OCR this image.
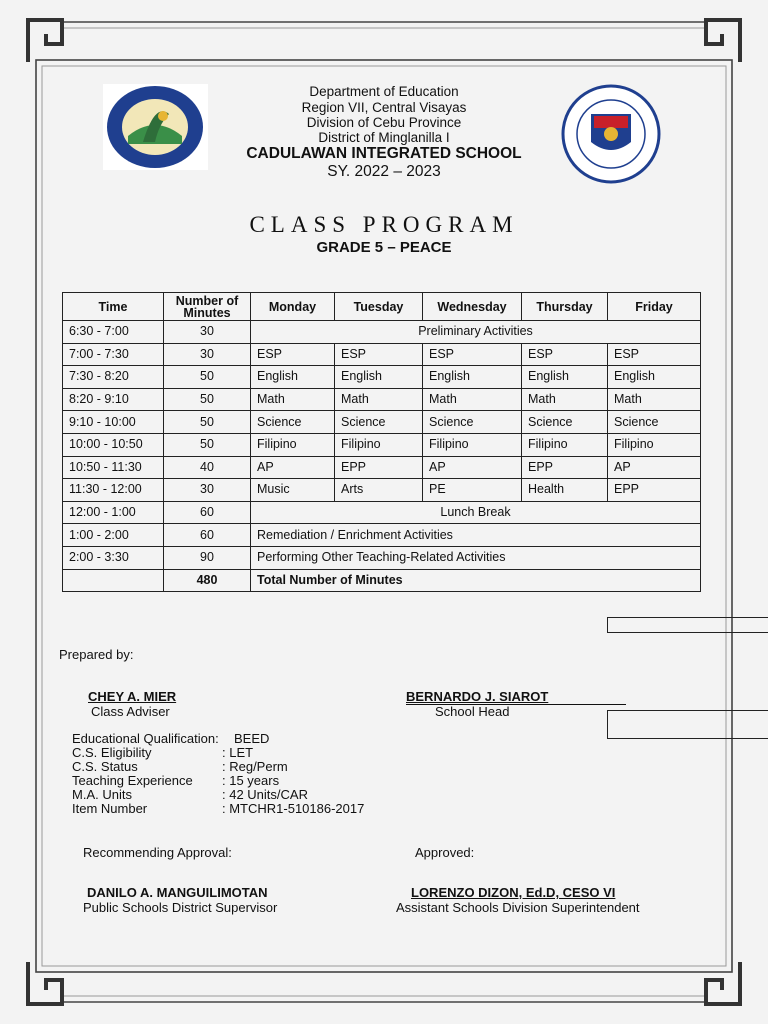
Department of Education
Region VII, Central Visayas
Division of Cebu Province
District of Minglanilla I
CADULAWAN INTEGRATED SCHOOL
SY. 2022 – 2023
CLASS PROGRAM
GRADE 5 – PEACE
Time	Number of Minutes	Monday	Tuesday	Wednesday	Thursday	Friday
6:30 - 7:00	30	Preliminary Activities				
7:00 - 7:30	30	ESP	ESP	ESP	ESP	ESP
7:30 - 8:20	50	English	English	English	English	English
8:20 - 9:10	50	Math	Math	Math	Math	Math
9:10 - 10:00	50	Science	Science	Science	Science	Science
10:00 - 10:50	50	Filipino	Filipino	Filipino	Filipino	Filipino
10:50 - 11:30	40	AP	EPP	AP	EPP	AP
11:30 - 12:00	30	Music	Arts	PE	Health	EPP
12:00 - 1:00	60	Lunch Break				
1:00 - 2:00	60	Remediation / Enrichment Activities				
2:00 - 3:30	90	Performing Other Teaching-Related Activities				
	480	Total Number of Minutes				
Prepared by:
CHEY A. MIER
Class Adviser
BERNARDO J. SIAROT
School Head
Educational Qualification: BEED
C.S. Eligibility	: LET
C.S. Status	: Reg/Perm
Teaching Experience : 15 years
M.A. Units	: 42 Units/CAR
Item Number	: MTCHR1-510186-2017
Recommending Approval:	Approved:
DANILO A. MANGUILIMOTAN
Public Schools District Supervisor
LORENZO DIZON, Ed.D, CESO VI
Assistant Schools Division Superintendent
